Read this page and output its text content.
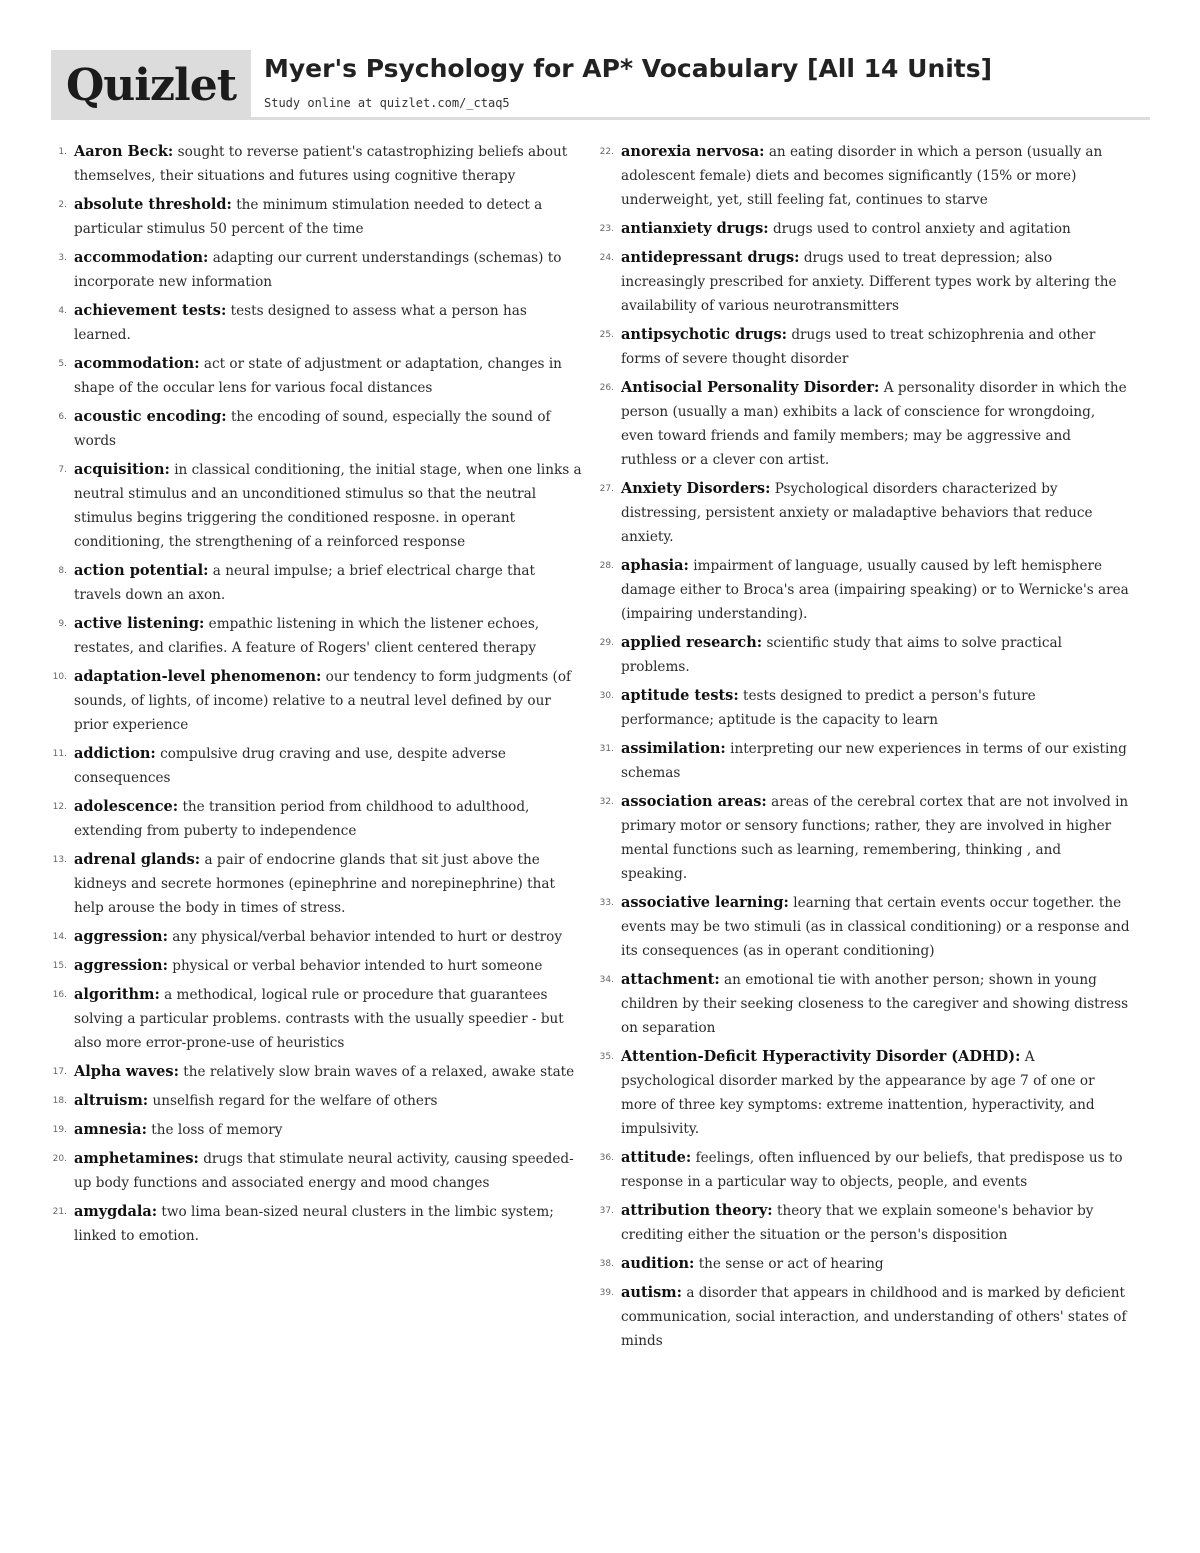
Quizlet Myer's Psychology for AP* Vocabulary [All 14 Units]
Study online at quizlet.com/_ctaq5
1. Aaron Beck: sought to reverse patient's catastrophizing beliefs about themselves, their situations and futures using cognitive therapy
2. absolute threshold: the minimum stimulation needed to detect a particular stimulus 50 percent of the time
3. accommodation: adapting our current understandings (schemas) to incorporate new information
4. achievement tests: tests designed to assess what a person has learned.
5. acommodation: act or state of adjustment or adaptation, changes in shape of the occular lens for various focal distances
6. acoustic encoding: the encoding of sound, especially the sound of words
7. acquisition: in classical conditioning, the initial stage, when one links a neutral stimulus and an unconditioned stimulus so that the neutral stimulus begins triggering the conditioned resposne. in operant conditioning, the strengthening of a reinforced response
8. action potential: a neural impulse; a brief electrical charge that travels down an axon.
9. active listening: empathic listening in which the listener echoes, restates, and clarifies. A feature of Rogers' client centered therapy
10. adaptation-level phenomenon: our tendency to form judgments (of sounds, of lights, of income) relative to a neutral level defined by our prior experience
11. addiction: compulsive drug craving and use, despite adverse consequences
12. adolescence: the transition period from childhood to adulthood, extending from puberty to independence
13. adrenal glands: a pair of endocrine glands that sit just above the kidneys and secrete hormones (epinephrine and norepinephrine) that help arouse the body in times of stress.
14. aggression: any physical/verbal behavior intended to hurt or destroy
15. aggression: physical or verbal behavior intended to hurt someone
16. algorithm: a methodical, logical rule or procedure that guarantees solving a particular problems. contrasts with the usually speedier - but also more error-prone-use of heuristics
17. Alpha waves: the relatively slow brain waves of a relaxed, awake state
18. altruism: unselfish regard for the welfare of others
19. amnesia: the loss of memory
20. amphetamines: drugs that stimulate neural activity, causing speeded-up body functions and associated energy and mood changes
21. amygdala: two lima bean-sized neural clusters in the limbic system; linked to emotion.
22. anorexia nervosa: an eating disorder in which a person (usually an adolescent female) diets and becomes significantly (15% or more) underweight, yet, still feeling fat, continues to starve
23. antianxiety drugs: drugs used to control anxiety and agitation
24. antidepressant drugs: drugs used to treat depression; also increasingly prescribed for anxiety. Different types work by altering the availability of various neurotransmitters
25. antipsychotic drugs: drugs used to treat schizophrenia and other forms of severe thought disorder
26. Antisocial Personality Disorder: A personality disorder in which the person (usually a man) exhibits a lack of conscience for wrongdoing, even toward friends and family members; may be aggressive and ruthless or a clever con artist.
27. Anxiety Disorders: Psychological disorders characterized by distressing, persistent anxiety or maladaptive behaviors that reduce anxiety.
28. aphasia: impairment of language, usually caused by left hemisphere damage either to Broca's area (impairing speaking) or to Wernicke's area (impairing understanding).
29. applied research: scientific study that aims to solve practical problems.
30. aptitude tests: tests designed to predict a person's future performance; aptitude is the capacity to learn
31. assimilation: interpreting our new experiences in terms of our existing schemas
32. association areas: areas of the cerebral cortex that are not involved in primary motor or sensory functions; rather, they are involved in higher mental functions such as learning, remembering, thinking , and speaking.
33. associative learning: learning that certain events occur together. the events may be two stimuli (as in classical conditioning) or a response and its consequences (as in operant conditioning)
34. attachment: an emotional tie with another person; shown in young children by their seeking closeness to the caregiver and showing distress on separation
35. Attention-Deficit Hyperactivity Disorder (ADHD): A psychological disorder marked by the appearance by age 7 of one or more of three key symptoms: extreme inattention, hyperactivity, and impulsivity.
36. attitude: feelings, often influenced by our beliefs, that predispose us to response in a particular way to objects, people, and events
37. attribution theory: theory that we explain someone's behavior by crediting either the situation or the person's disposition
38. audition: the sense or act of hearing
39. autism: a disorder that appears in childhood and is marked by deficient communication, social interaction, and understanding of others' states of minds
